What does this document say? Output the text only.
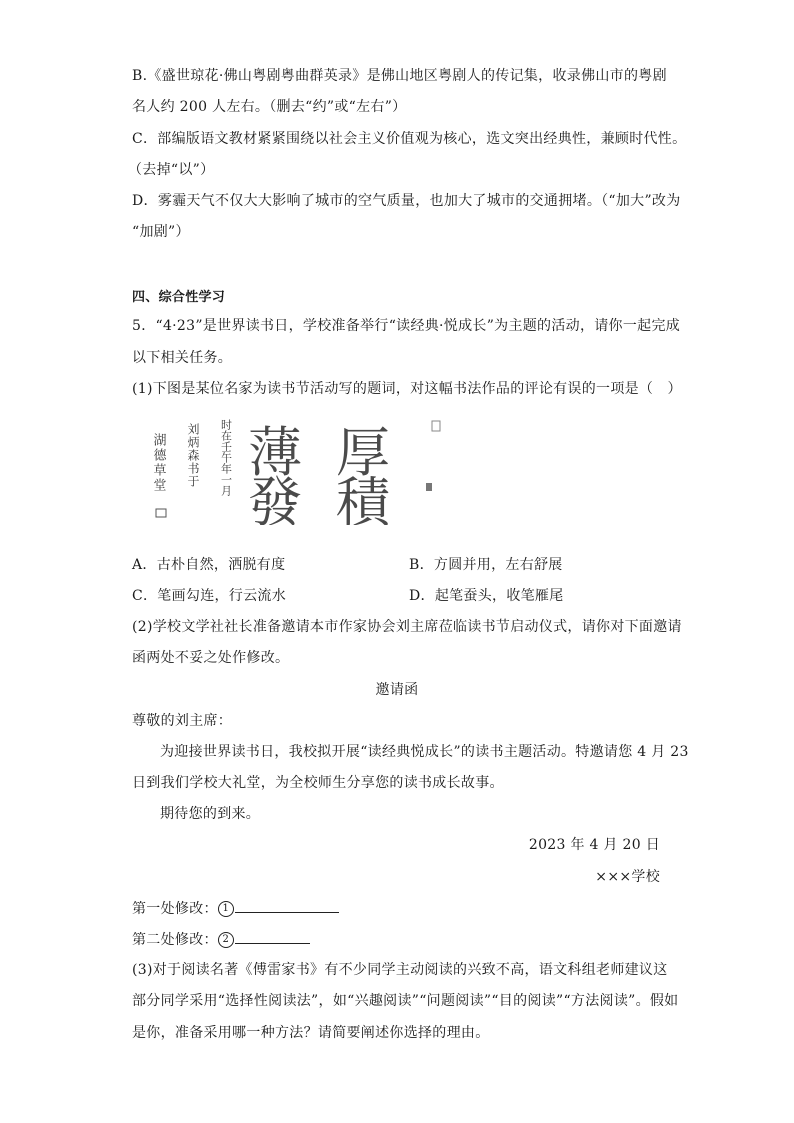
B.《盛世琼花·佛山粤剧粤曲群英录》是佛山地区粤剧人的传记集，收录佛山市的粤剧
名人约 200 人左右。（删去“约”或“左右”）
C．部编版语文教材紧紧围绕以社会主义价值观为核心，选文突出经典性，兼顾时代性。
（去掉“以”）
D．雾霾天气不仅大大影响了城市的空气质量，也加大了城市的交通拥堵。（“加大”改为
“加剧”）
四、综合性学习
5．“4·23”是世界读书日，学校准备举行“读经典·悦成长”为主题的活动，请你一起完成
以下相关任务。
(1)下图是某位名家为读书节活动写的题词，对这幅书法作品的评论有误的一项是（　）
湖德草堂 刘炳森书于 时在壬午年一月 薄 厚
發 積
A．古朴自然，洒脱有度	B．方圆并用，左右舒展
C．笔画勾连，行云流水	D．起笔蚕头，收笔雁尾
(2)学校文学社社长准备邀请本市作家协会刘主席莅临读书节启动仪式，请你对下面邀请
函两处不妥之处作修改。
邀请函
尊敬的刘主席：
为迎接世界读书日，我校拟开展“读经典悦成长”的读书主题活动。特邀请您 4 月 23
日到我们学校大礼堂，为全校师生分享您的读书成长故事。
期待您的到来。
2023 年 4 月 20 日
×××学校
第一处修改： 1
第二处修改： 2
(3)对于阅读名著《傅雷家书》有不少同学主动阅读的兴致不高，语文科组老师建议这
部分同学采用“选择性阅读法”，如“兴趣阅读”“问题阅读”“目的阅读”“方法阅读”。假如
是你，准备采用哪一种方法？请简要阐述你选择的理由。
